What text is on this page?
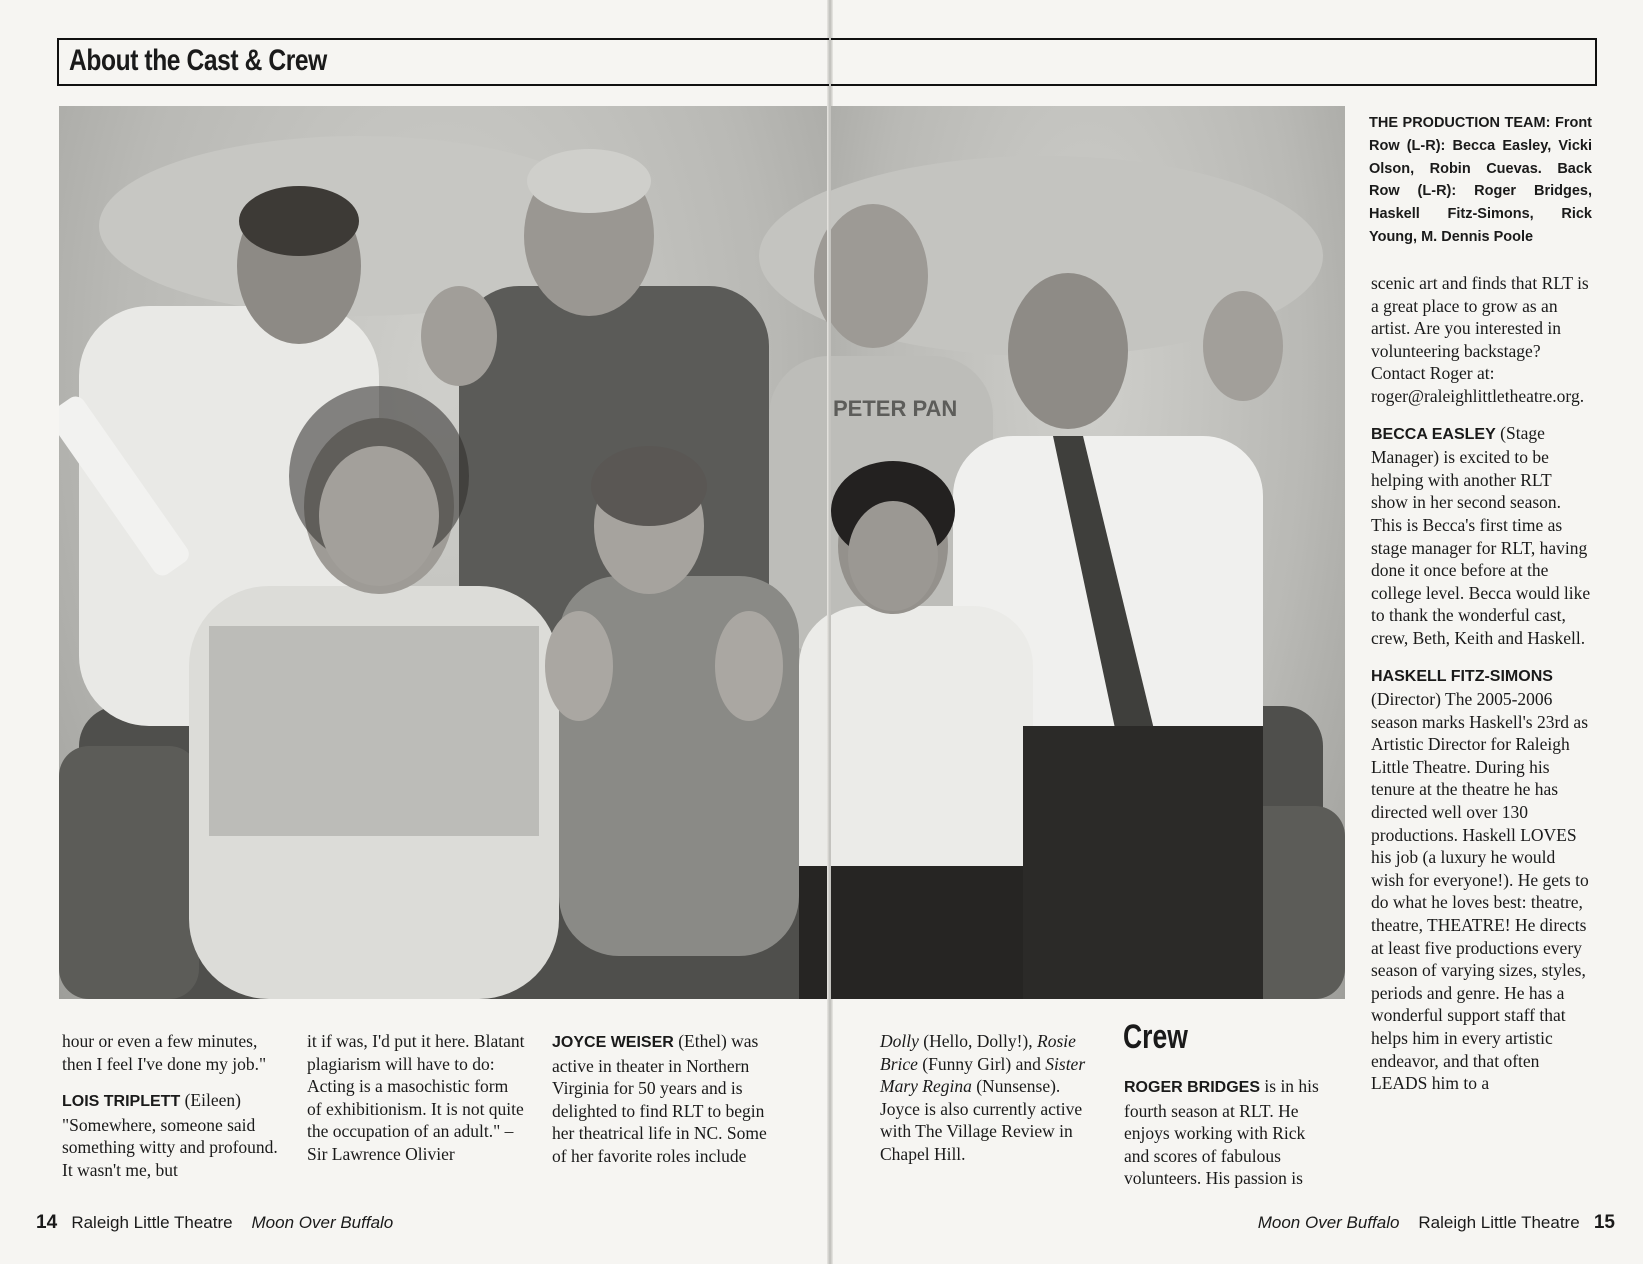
About the Cast & Crew
THE PRODUCTION TEAM: Front Row (L-R): Becca Easley, Vicki Olson, Robin Cuevas. Back Row (L-R): Roger Bridges, Haskell Fitz-Simons, Rick Young, M. Dennis Poole

hour or even a few minutes, then I feel I've done my job."

LOIS TRIPLETT (Eileen) "Somewhere, someone said something witty and profound. It wasn't me, but

it if was, I'd put it here. Blatant plagiarism will have to do: Acting is a masochistic form of exhibitionism. It is not quite the occupation of an adult." – Sir Lawrence Olivier

JOYCE WEISER (Ethel) was active in theater in Northern Virginia for 50 years and is delighted to find RLT to begin her theatrical life in NC. Some of her favorite roles include

Dolly (Hello, Dolly!), Rosie Brice (Funny Girl) and Sister Mary Regina (Nunsense). Joyce is also currently active with The Village Review in Chapel Hill.

Crew

ROGER BRIDGES is in his fourth season at RLT. He enjoys working with Rick and scores of fabulous volunteers. His passion is

scenic art and finds that RLT is a great place to grow as an artist. Are you interested in volunteering backstage? Contact Roger at: roger@raleighlittletheatre.org.

BECCA EASLEY (Stage Manager) is excited to be helping with another RLT show in her second season. This is Becca's first time as stage manager for RLT, having done it once before at the college level. Becca would like to thank the wonderful cast, crew, Beth, Keith and Haskell.

HASKELL FITZ-SIMONS (Director) The 2005-2006 season marks Haskell's 23rd as Artistic Director for Raleigh Little Theatre. During his tenure at the theatre he has directed well over 130 productions. Haskell LOVES his job (a luxury he would wish for everyone!). He gets to do what he loves best: theatre, theatre, THEATRE! He directs at least five productions every season of varying sizes, styles, periods and genre. He has a wonderful support staff that helps him in every artistic endeavor, and that often LEADS him to a

14 Raleigh Little Theatre Moon Over Buffalo	Moon Over Buffalo Raleigh Little Theatre 15
